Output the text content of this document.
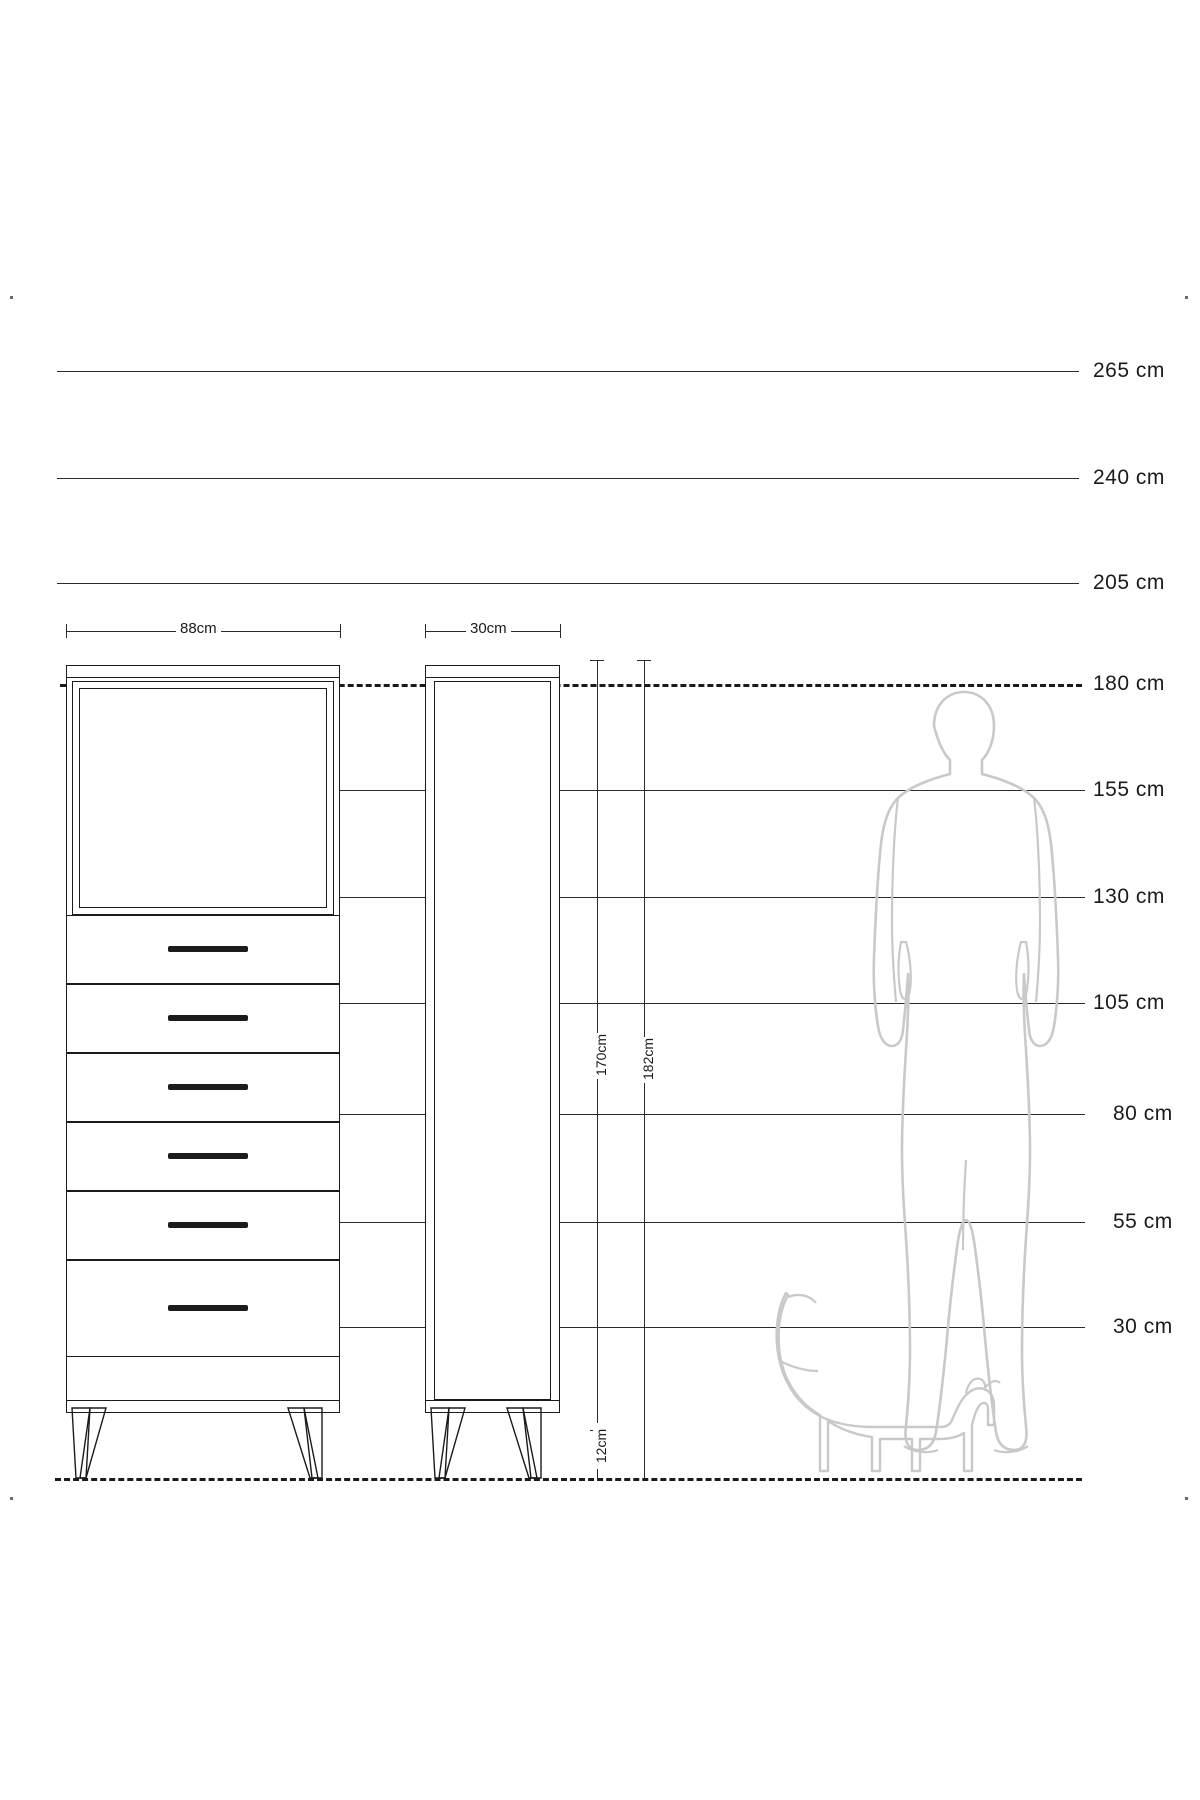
265 cm
240 cm
205 cm
180 cm
155 cm
130 cm
105 cm
80 cm
55 cm
30 cm
88cm	30cm
170cm
12cm
182cm
